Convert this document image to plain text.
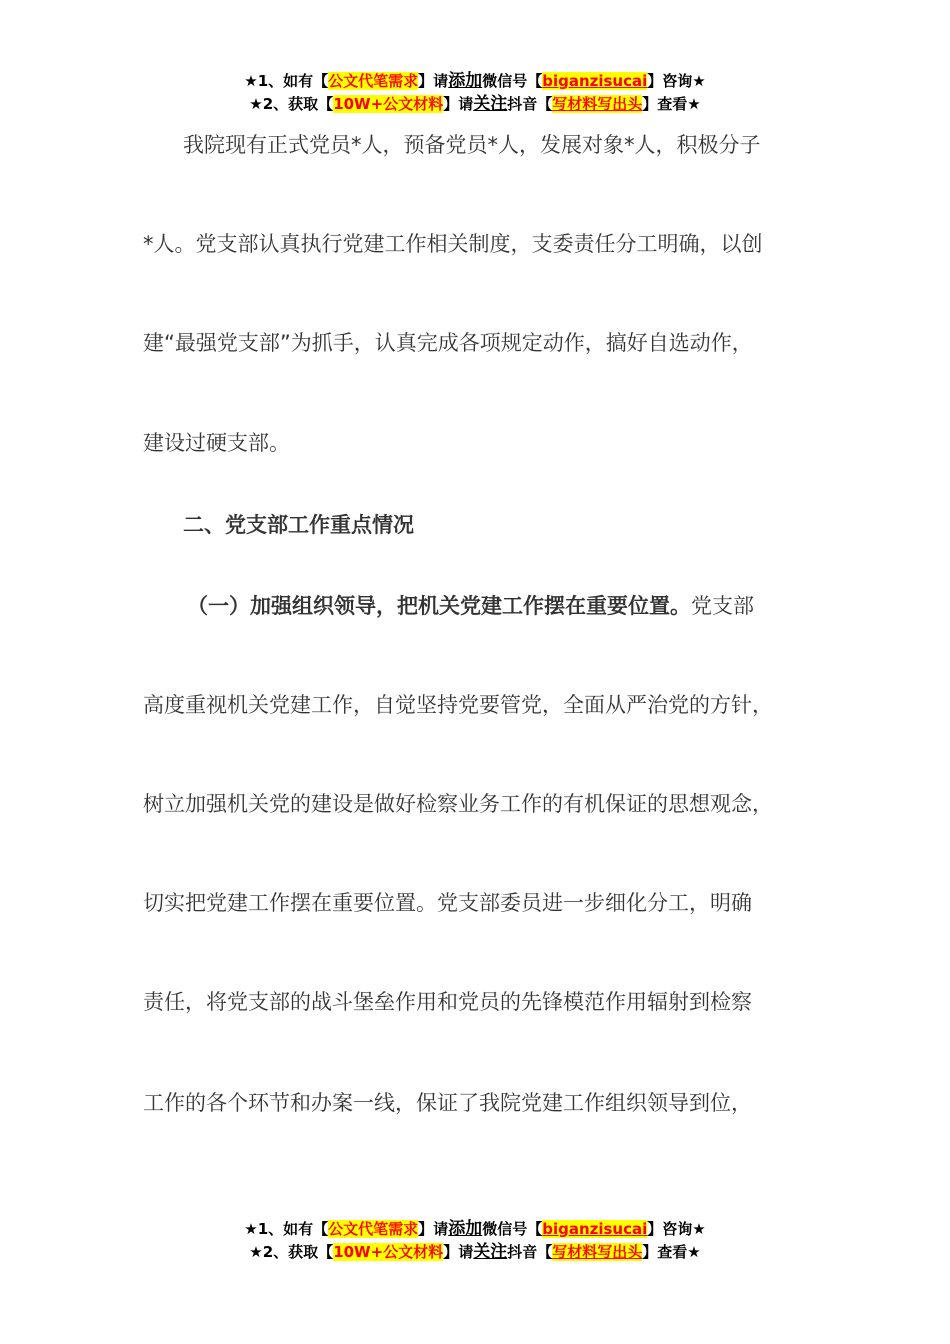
★1、如有【公文代笔需求】请添加微信号【biganzisucai】咨询★
★2、获取【10W+公文材料】请关注抖音【写材料写出头】查看★
我院现有正式党员*人，预备党员*人，发展对象*人，积极分子
*人。党支部认真执行党建工作相关制度，支委责任分工明确，以创
建“最强党支部”为抓手，认真完成各项规定动作，搞好自选动作，
建设过硬支部。
二、党支部工作重点情况
（一）加强组织领导，把机关党建工作摆在重要位置。党支部
高度重视机关党建工作，自觉坚持党要管党，全面从严治党的方针，
树立加强机关党的建设是做好检察业务工作的有机保证的思想观念，
切实把党建工作摆在重要位置。党支部委员进一步细化分工，明确
责任，将党支部的战斗堡垒作用和党员的先锋模范作用辐射到检察
工作的各个环节和办案一线，保证了我院党建工作组织领导到位，
★1、如有【公文代笔需求】请添加微信号【biganzisucai】咨询★
★2、获取【10W+公文材料】请关注抖音【写材料写出头】查看★
